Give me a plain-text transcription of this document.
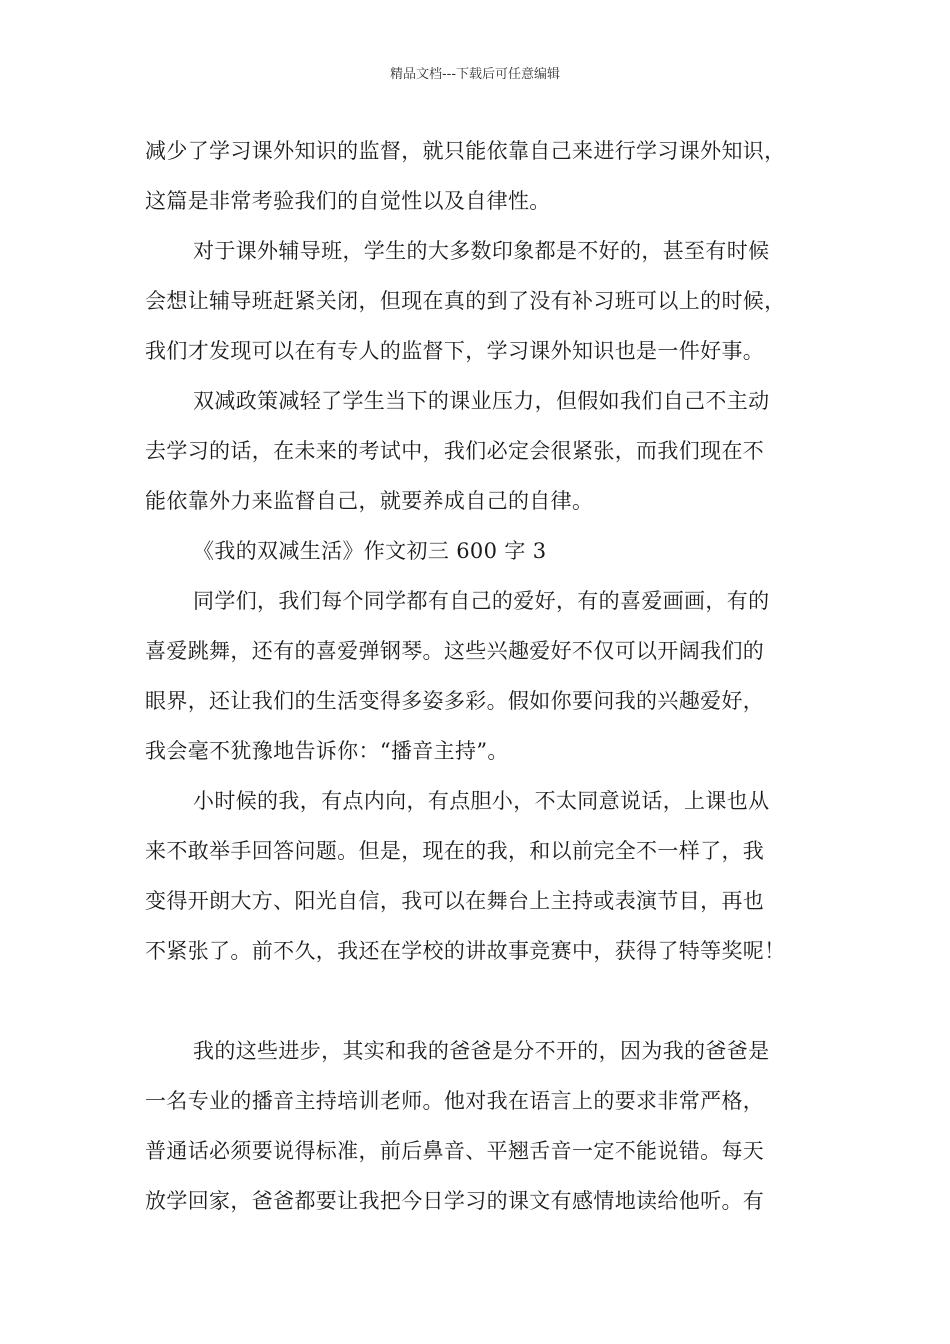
精品文档---下载后可任意编辑
减少了学习课外知识的监督，就只能依靠自己来进行学习课外知识，
这篇是非常考验我们的自觉性以及自律性。
对于课外辅导班，学生的大多数印象都是不好的，甚至有时候
会想让辅导班赶紧关闭，但现在真的到了没有补习班可以上的时候，
我们才发现可以在有专人的监督下，学习课外知识也是一件好事。
双减政策减轻了学生当下的课业压力，但假如我们自己不主动
去学习的话，在未来的考试中，我们必定会很紧张，而我们现在不
能依靠外力来监督自己，就要养成自己的自律。
《我的双减生活》作文初三 600 字 3
同学们，我们每个同学都有自己的爱好，有的喜爱画画，有的
喜爱跳舞，还有的喜爱弹钢琴。这些兴趣爱好不仅可以开阔我们的
眼界，还让我们的生活变得多姿多彩。假如你要问我的兴趣爱好，
我会毫不犹豫地告诉你：“播音主持”。
小时候的我，有点内向，有点胆小，不太同意说话，上课也从
来不敢举手回答问题。但是，现在的我，和以前完全不一样了，我
变得开朗大方、阳光自信，我可以在舞台上主持或表演节目，再也
不紧张了。前不久，我还在学校的讲故事竞赛中，获得了特等奖呢！
我的这些进步，其实和我的爸爸是分不开的，因为我的爸爸是
一名专业的播音主持培训老师。他对我在语言上的要求非常严格，
普通话必须要说得标准，前后鼻音、平翘舌音一定不能说错。每天
放学回家，爸爸都要让我把今日学习的课文有感情地读给他听。有
